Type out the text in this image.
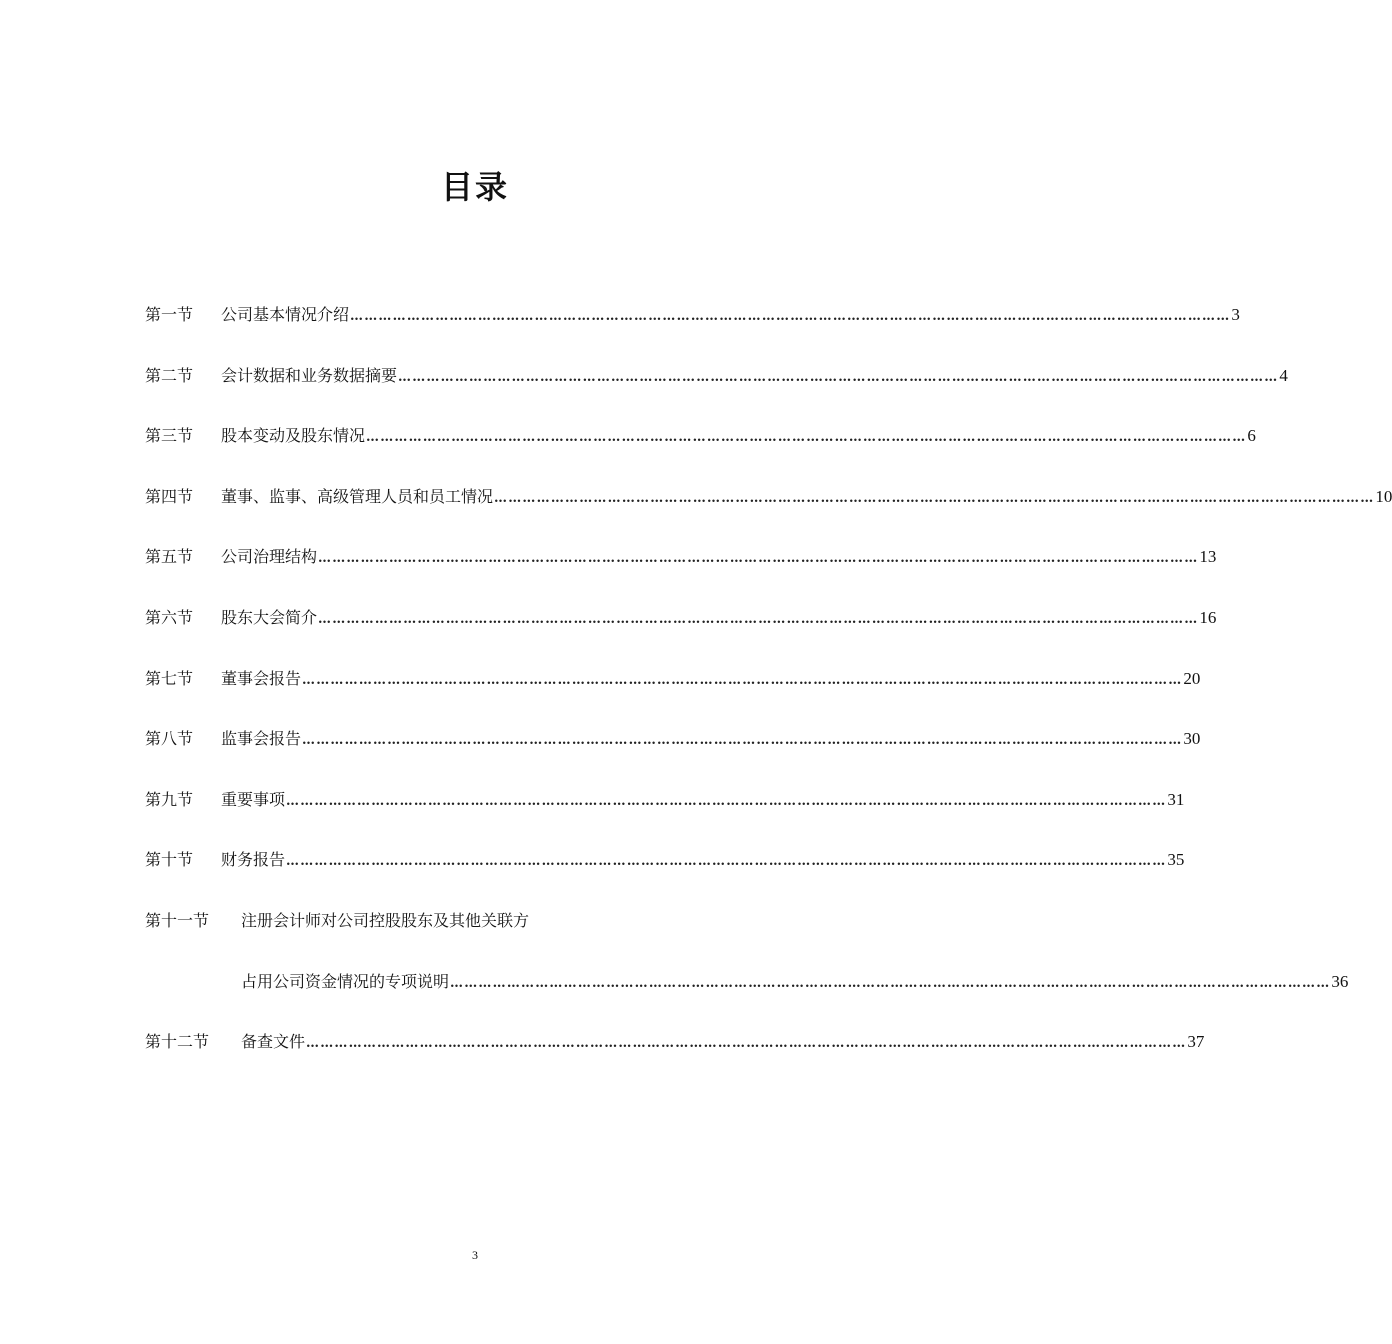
目录
第一节	公司基本情况介绍 …………………………………………………………………………………………………………………………………………………………………… 3
第二节	会计数据和业务数据摘要 …………………………………………………………………………………………………………………………………………………………………… 4
第三节	股本变动及股东情况 …………………………………………………………………………………………………………………………………………………………………… 6
第四节	董事、监事、高级管理人员和员工情况 …………………………………………………………………………………………………………………………………………………………………… 10
第五节	公司治理结构 …………………………………………………………………………………………………………………………………………………………………… 13
第六节	股东大会简介 …………………………………………………………………………………………………………………………………………………………………… 16
第七节	董事会报告 …………………………………………………………………………………………………………………………………………………………………… 20
第八节	监事会报告 …………………………………………………………………………………………………………………………………………………………………… 30
第九节	重要事项 …………………………………………………………………………………………………………………………………………………………………… 31
第十节	财务报告 …………………………………………………………………………………………………………………………………………………………………… 35
第十一节	注册会计师对公司控股股东及其他关联方
占用公司资金情况的专项说明 …………………………………………………………………………………………………………………………………………………………………… 36
第十二节	备查文件 …………………………………………………………………………………………………………………………………………………………………… 37
3
